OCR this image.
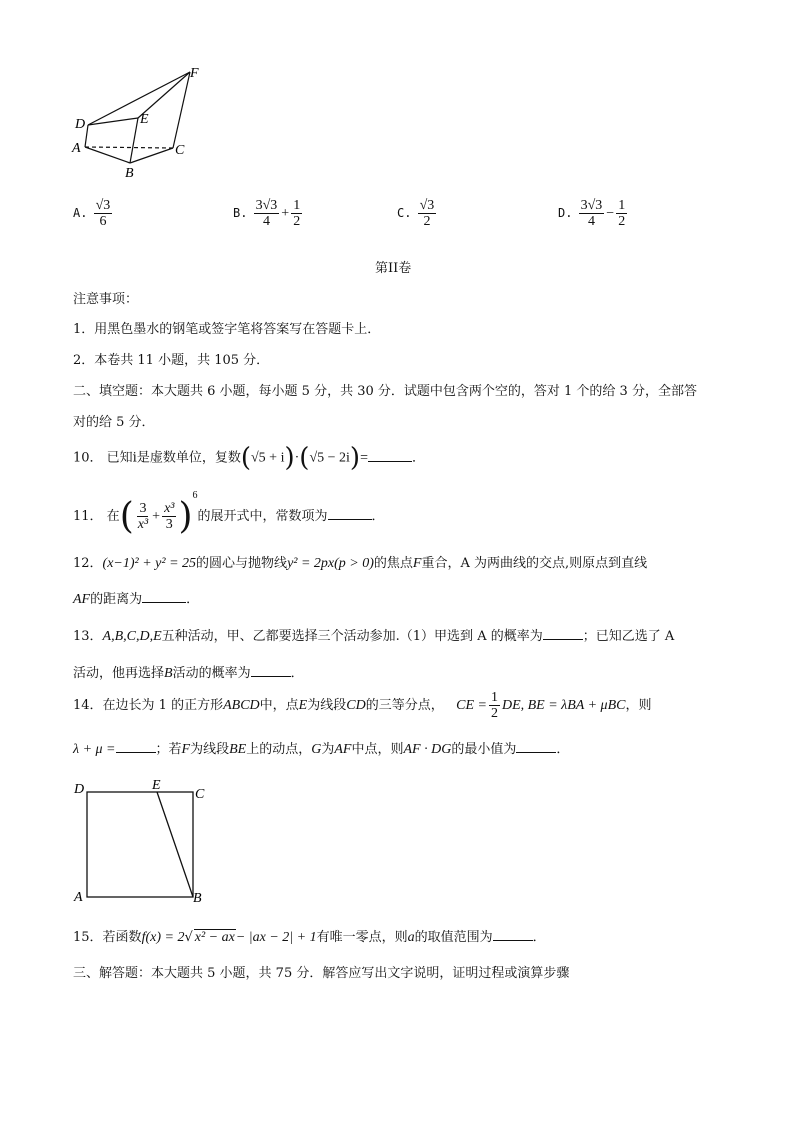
F
D	E
A	C
B
A. $\frac{√3}{6}$	B. $\frac{3√3}{4} + \frac{1}{2}$	C. $\frac{√3}{2}$	D. $\frac{3√3}{4} - \frac{1}{2}$
第II卷
注意事项：
1．用黑色墨水的钢笔或签字笔将答案写在答题卡上．
2．本卷共 11 小题，共 105 分．
二、填空题：本大题共 6 小题，每小题 5 分，共 30 分．试题中包含两个空的，答对 1 个的给 3 分，全部答
对的给 5 分．
10． 已知i是虚数单位，复数(√5 + i)·(√5 − 2i)=	．
11． 在( $\frac{3}{\text{x³}} + \frac{\text{x³}}{3} )^6$的展开式中，常数项为	．
12．(x−1)² + y² = 25的圆心与抛物线y² = 2px(p > 0)的焦点F重合，A 为两曲线的交点,则原点到直线
AF的距离为	．
13．A,B,C,D,E五种活动，甲、乙都要选择三个活动参加.（1）甲选到 A 的概率为	；已知乙选了 A
活动，他再选择B活动的概率为	．
14．在边长为 1 的正方形ABCD中，点E为线段CD的三等分点， CE = $\frac{1}{2}$ DE, BE = λBA + μBC，则
λ + μ =	；若F为线段BE上的动点，G为AF中点，则AF · DG的最小值为	．
D	E
C
A	B
15．若函数f(x) = 2√ x² − ax− |ax − 2| + 1有唯一零点，则a的取值范围为	．
三、解答题：本大题共 5 小题，共 75 分．解答应写出文字说明，证明过程或演算步骤
